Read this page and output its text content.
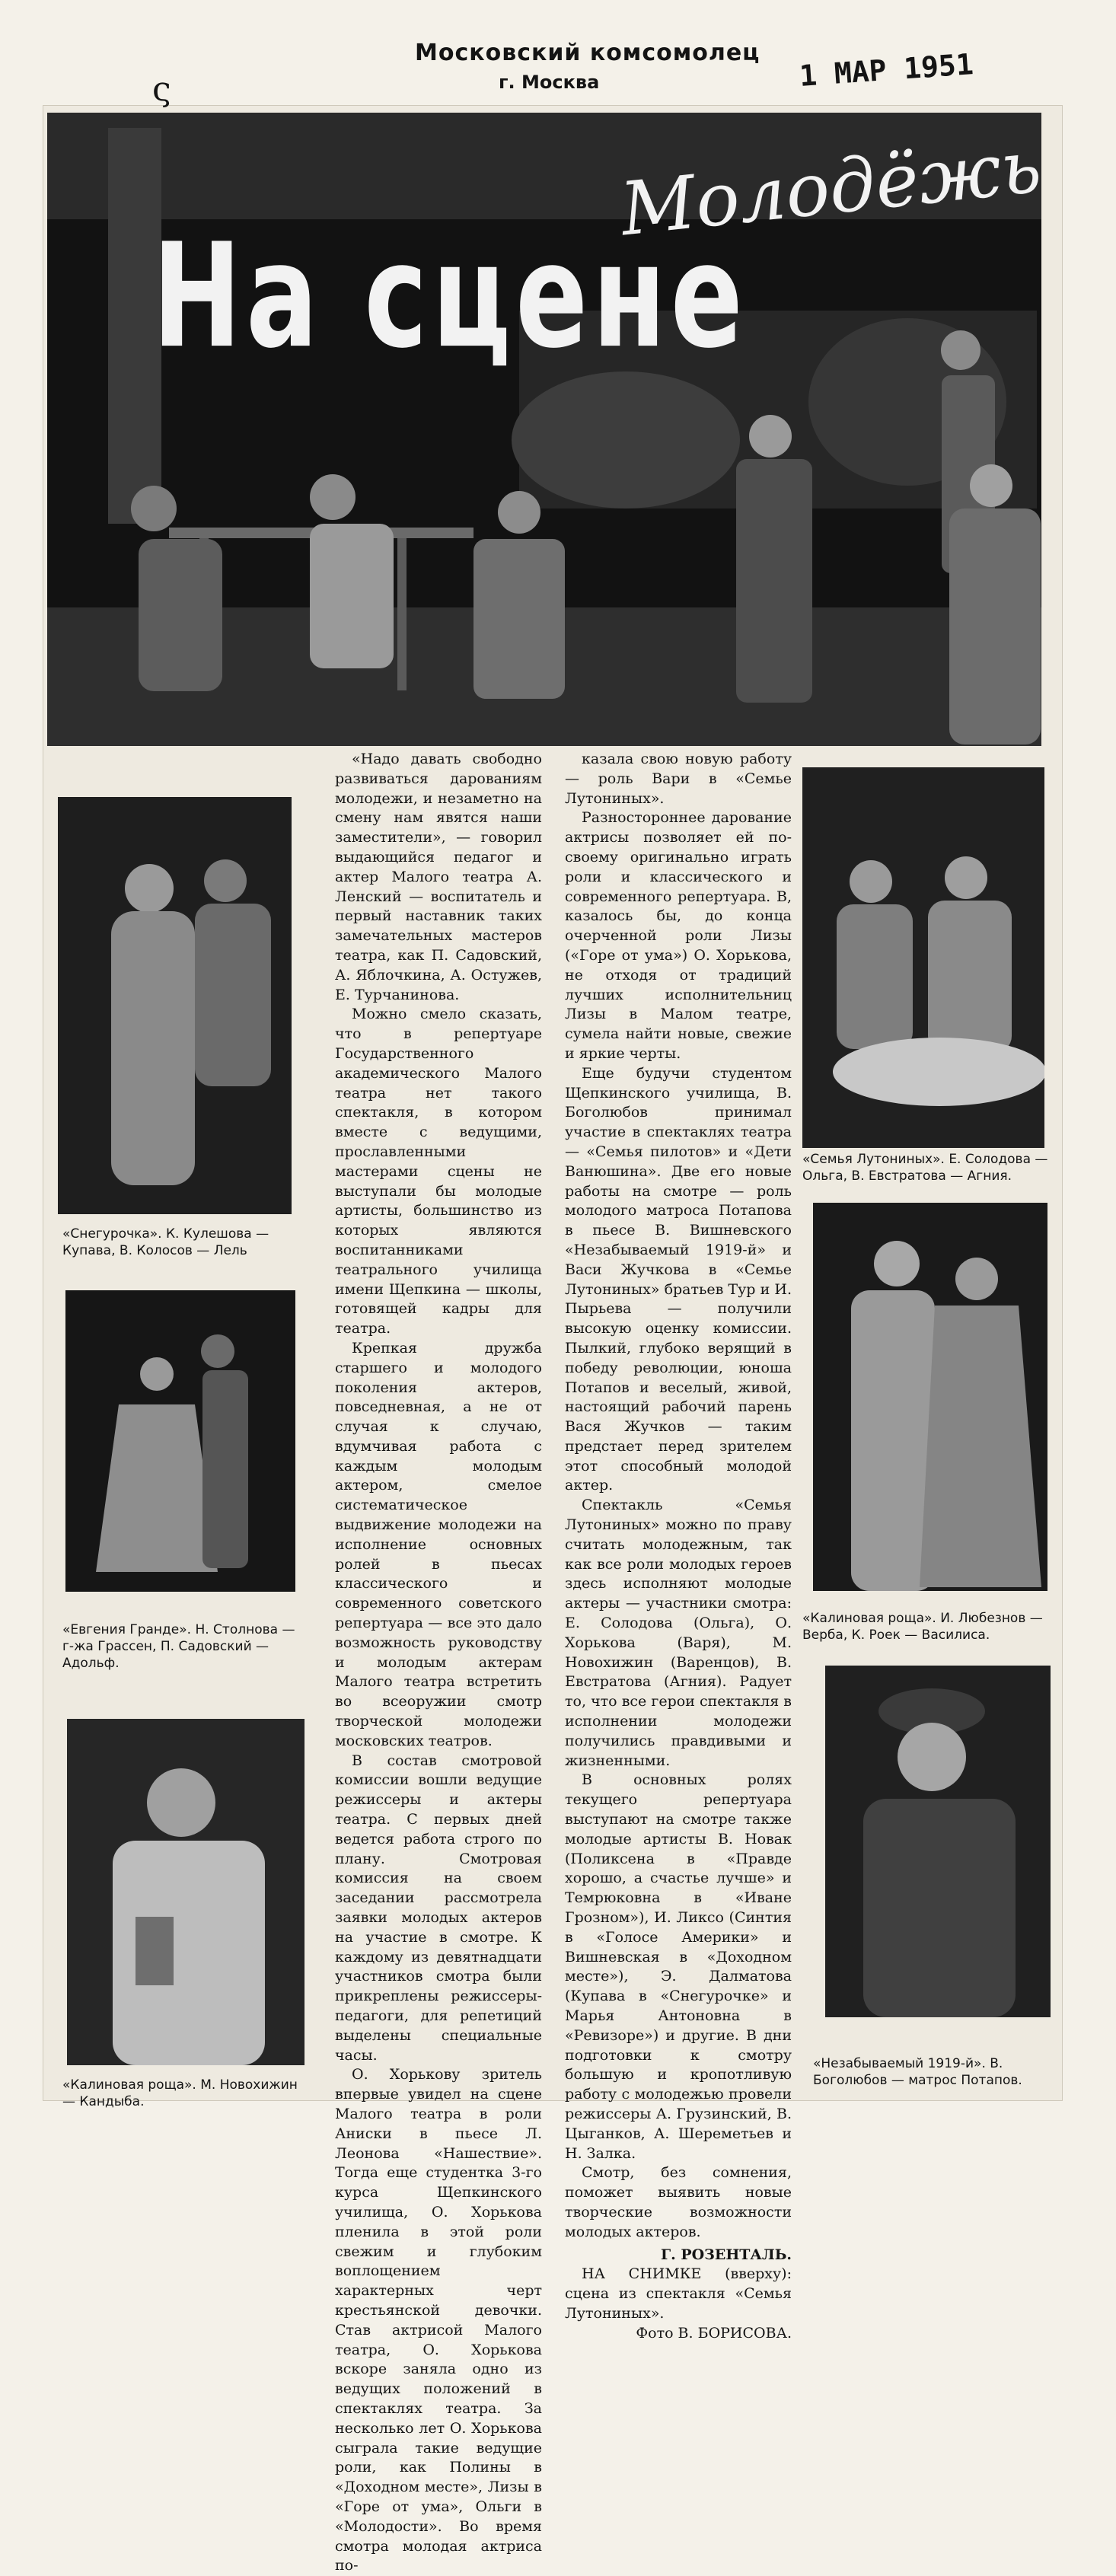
ς
Московский комсомолец
г. Москва	1 МАР 1951
На сцене
Молодёжь
«Снегурочка». К. Кулешова — Купава, В. Колосов — Лель
«Евгения Гранде». Н. Столнова — г-жа Грассен, П. Садовский — Адольф.
«Калиновая роща». М. Новохижин — Кандыба.
«Семья Лутониных». Е. Солодова — Ольга, В. Евстратова — Агния.
«Калиновая роща». И. Любезнов — Верба, К. Роек — Василиса.
«Незабываемый 1919-й». В. Боголюбов — матрос Потапов.

«Надо давать свободно развиваться дарованиям молодежи, и незаметно на смену нам явятся наши заместители», — говорил выдающийся педагог и актер Малого театра А. Ленский — воспитатель и первый наставник таких замечательных мастеров театра, как П. Садовский, А. Яблочкина, А. Остужев, Е. Турчанинова.

Можно смело сказать, что в репертуаре Государственного академического Малого театра нет такого спектакля, в котором вместе с ведущими, прославленными мастерами сцены не выступали бы молодые артисты, большинство из которых являются воспитанниками театрального училища имени Щепкина — школы, готовящей кадры для театра.

Крепкая дружба старшего и молодого поколения актеров, повседневная, а не от случая к случаю, вдумчивая работа с каждым молодым актером, смелое систематическое выдвижение молодежи на исполнение основных ролей в пьесах классического и современного советского репертуара — все это дало возможность руководству и молодым актерам Малого театра встретить во всеоружии смотр творческой молодежи московских театров.

В состав смотровой комиссии вошли ведущие режиссеры и актеры театра. С первых дней ведется работа строго по плану. Смотровая комиссия на своем заседании рассмотрела заявки молодых актеров на участие в смотре. К каждому из девятнадцати участников смотра были прикреплены режиссеры-педагоги, для репетиций выделены специальные часы.

О. Хорькову зритель впервые увидел на сцене Малого театра в роли Аниски в пьесе Л. Леонова «Нашествие». Тогда еще студентка 3-го курса Щепкинского училища, О. Хорькова пленила в этой роли свежим и глубоким воплощением характерных черт крестьянской девочки. Став актрисой Малого театра, О. Хорькова вскоре заняла одно из ведущих положений в спектаклях театра. За несколько лет О. Хорькова сыграла такие ведущие роли, как Полины в «Доходном месте», Лизы в «Горе от ума», Ольги в «Молодости». Во время смотра молодая актриса по-

казала свою новую работу — роль Вари в «Семье Лутониных».

Разностороннее дарование актрисы позволяет ей по-своему оригинально играть роли и классического и современного репертуара. В, казалось бы, до конца очерченной роли Лизы («Горе от ума») О. Хорькова, не отходя от традиций лучших исполнительниц Лизы в Малом театре, сумела найти новые, свежие и яркие черты.

Еще будучи студентом Щепкинского училища, В. Боголюбов принимал участие в спектаклях театра — «Семья пилотов» и «Дети Ванюшина». Две его новые работы на смотре — роль молодого матроса Потапова в пьесе В. Вишневского «Незабываемый 1919-й» и Васи Жучкова в «Семье Лутониных» братьев Тур и И. Пырьева — получили высокую оценку комиссии. Пылкий, глубоко верящий в победу революции, юноша Потапов и веселый, живой, настоящий рабочий парень Вася Жучков — таким предстает перед зрителем этот способный молодой актер.

Спектакль «Семья Лутониных» можно по праву считать молодежным, так как все роли молодых героев здесь исполняют молодые актеры — участники смотра: Е. Солодова (Ольга), О. Хорькова (Варя), М. Новохижин (Варенцов), В. Евстратова (Агния). Радует то, что все герои спектакля в исполнении молодежи получились правдивыми и жизненными.

В основных ролях текущего репертуара выступают на смотре также молодые артисты В. Новак (Поликсена в «Правде хорошо, а счастье лучше» и Темрюковна в «Иване Грозном»), И. Ликсо (Синтия в «Голосе Америки» и Вишневская в «Доходном месте»), Э. Далматова (Купава в «Снегурочке» и Марья Антоновна в «Ревизоре») и другие. В дни подготовки к смотру большую и кропотливую работу с молодежью провели режиссеры А. Грузинский, В. Цыганков, А. Шереметьев и Н. Залка.

Смотр, без сомнения, поможет выявить новые творческие возможности молодых актеров.

Г. РОЗЕНТАЛЬ.

НА СНИМКЕ (вверху): сцена из спектакля «Семья Лутониных».

Фото В. БОРИСОВА.
